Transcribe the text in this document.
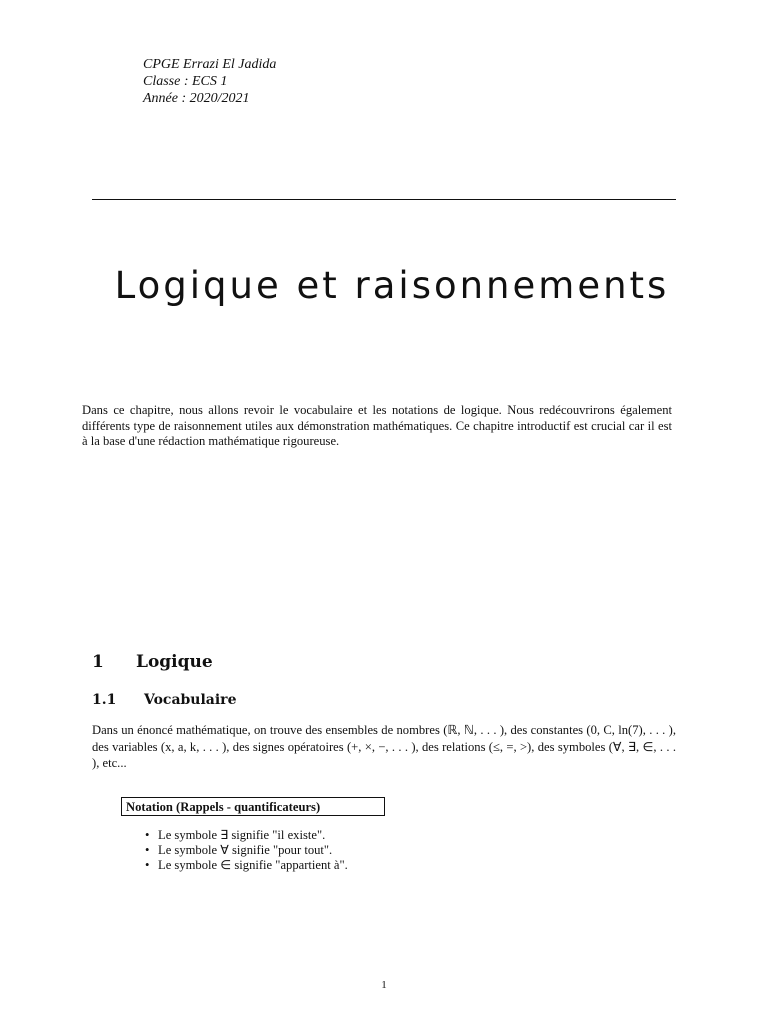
CPGE Errazi El Jadida
Classe : ECS 1
Année : 2020/2021
Logique et raisonnements

Dans ce chapitre, nous allons revoir le vocabulaire et les notations de logique. Nous redécouvrirons également différents type de raisonnement utiles aux démonstration mathématiques. Ce chapitre introductif est crucial car il est à la base d'une rédaction mathématique rigoureuse.

1 Logique
1.1 Vocabulaire

Dans un énoncé mathématique, on trouve des ensembles de nombres (ℝ, ℕ, . . . ), des constantes (0, C, ln(7), . . . ), des variables (x, a, k, . . . ), des signes opératoires (+, ×, −, . . . ), des relations (≤, =, >), des symboles (∀, ∃, ∈, . . . ), etc...

Notation (Rappels - quantificateurs)
• Le symbole ∃ signifie "il existe".
• Le symbole ∀ signifie "pour tout".
• Le symbole ∈ signifie "appartient à".
1
